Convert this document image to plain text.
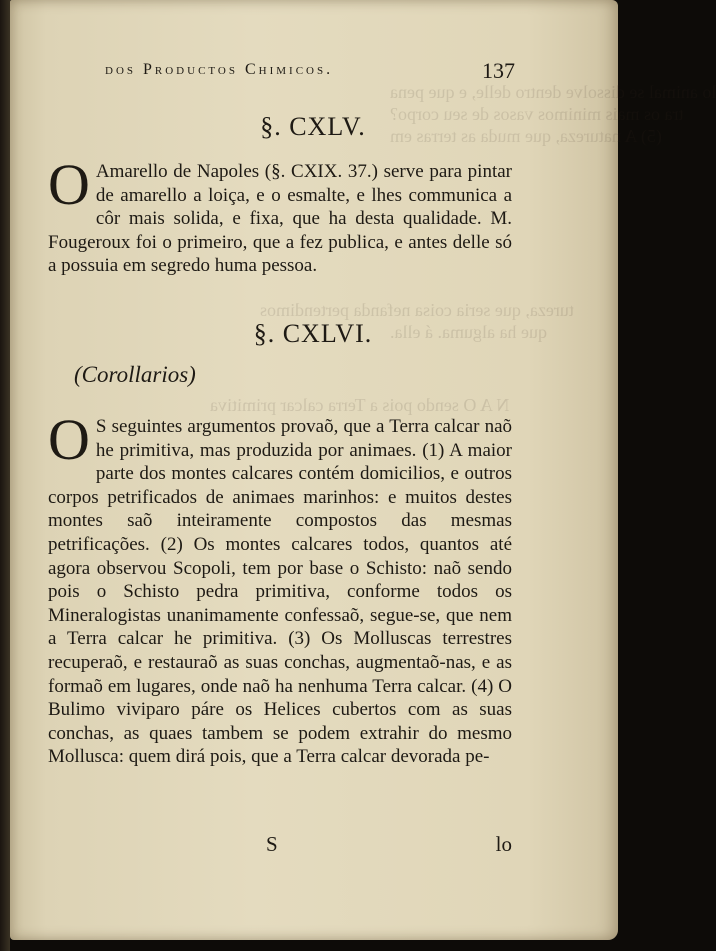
lo animal se dissolve dentro delle, e que pena
tra os mais minimos vasos de seu corpo?
(5) A natureza, que muda as terras em
tureza, que seria coisa nefanda pertendimos
que ha alguma. á ella.
N A O sendo pois a Terra calcar primitiva
dos Productos Chimicos.	137
§. CXLV.
O Amarello de Napoles (§. CXIX. 37.) serve para pintar de amarello a loiça, e o esmalte, e lhes communica a côr mais solida, e fixa, que ha desta qualidade. M. Fougeroux foi o primeiro, que a fez publica, e antes delle só a possuia em segredo huma pessoa.
§. CXLVI.
(Corollarios)
O S seguintes argumentos provaõ, que a Terra calcar naõ he primitiva, mas produzida por animaes. (1) A maior parte dos montes calcares contém domicilios, e outros corpos petrificados de animaes marinhos: e muitos destes montes saõ inteiramente compostos das mesmas petrificações. (2) Os montes calcares todos, quantos até agora observou Scopoli, tem por base o Schisto: naõ sendo pois o Schisto pedra primitiva, conforme todos os Mineralogistas unanimamente confessaõ, segue-se, que nem a Terra calcar he primitiva. (3) Os Molluscas terrestres recuperaõ, e restauraõ as suas conchas, augmentaõ-nas, e as formaõ em lugares, onde naõ ha nenhuma Terra calcar. (4) O Bulimo viviparo páre os Helices cubertos com as suas conchas, as quaes tambem se podem extrahir do mesmo Mollusca: quem dirá pois, que a Terra calcar devorada pe-
S	lo
